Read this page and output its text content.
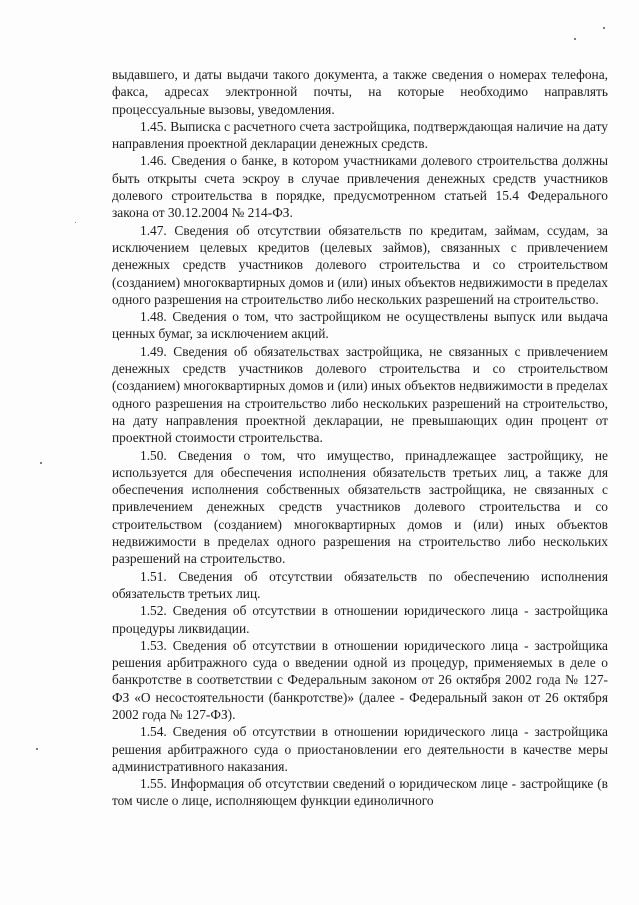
выдавшего, и даты выдачи такого документа, а также сведения о номерах телефона, факса, адресах электронной почты, на которые необходимо направлять процессуальные вызовы, уведомления.

1.45. Выписка с расчетного счета застройщика, подтверждающая наличие на дату направления проектной декларации денежных средств.

1.46. Сведения о банке, в котором участниками долевого строительства должны быть открыты счета эскроу в случае привлечения денежных средств участников долевого строительства в порядке, предусмотренном статьей 15.4 Федерального закона от 30.12.2004 № 214-ФЗ.

1.47. Сведения об отсутствии обязательств по кредитам, займам, ссудам, за исключением целевых кредитов (целевых займов), связанных с привлечением денежных средств участников долевого строительства и со строительством (созданием) многоквартирных домов и (или) иных объектов недвижимости в пределах одного разрешения на строительство либо нескольких разрешений на строительство.

1.48. Сведения о том, что застройщиком не осуществлены выпуск или выдача ценных бумаг, за исключением акций.

1.49. Сведения об обязательствах застройщика, не связанных с привлечением денежных средств участников долевого строительства и со строительством (созданием) многоквартирных домов и (или) иных объектов недвижимости в пределах одного разрешения на строительство либо нескольких разрешений на строительство, на дату направления проектной декларации, не превышающих один процент от проектной стоимости строительства.

1.50. Сведения о том, что имущество, принадлежащее застройщику, не используется для обеспечения исполнения обязательств третьих лиц, а также для обеспечения исполнения собственных обязательств застройщика, не связанных с привлечением денежных средств участников долевого строительства и со строительством (созданием) многоквартирных домов и (или) иных объектов недвижимости в пределах одного разрешения на строительство либо нескольких разрешений на строительство.

1.51. Сведения об отсутствии обязательств по обеспечению исполнения обязательств третьих лиц.

1.52. Сведения об отсутствии в отношении юридического лица - застройщика процедуры ликвидации.

1.53. Сведения об отсутствии в отношении юридического лица - застройщика решения арбитражного суда о введении одной из процедур, применяемых в деле о банкротстве в соответствии с Федеральным законом от 26 октября 2002 года № 127-ФЗ «О несостоятельности (банкротстве)» (далее - Федеральный закон от 26 октября 2002 года № 127-ФЗ).

1.54. Сведения об отсутствии в отношении юридического лица - застройщика решения арбитражного суда о приостановлении его деятельности в качестве меры административного наказания.

1.55. Информация об отсутствии сведений о юридическом лице - застройщике (в том числе о лице, исполняющем функции единоличного
